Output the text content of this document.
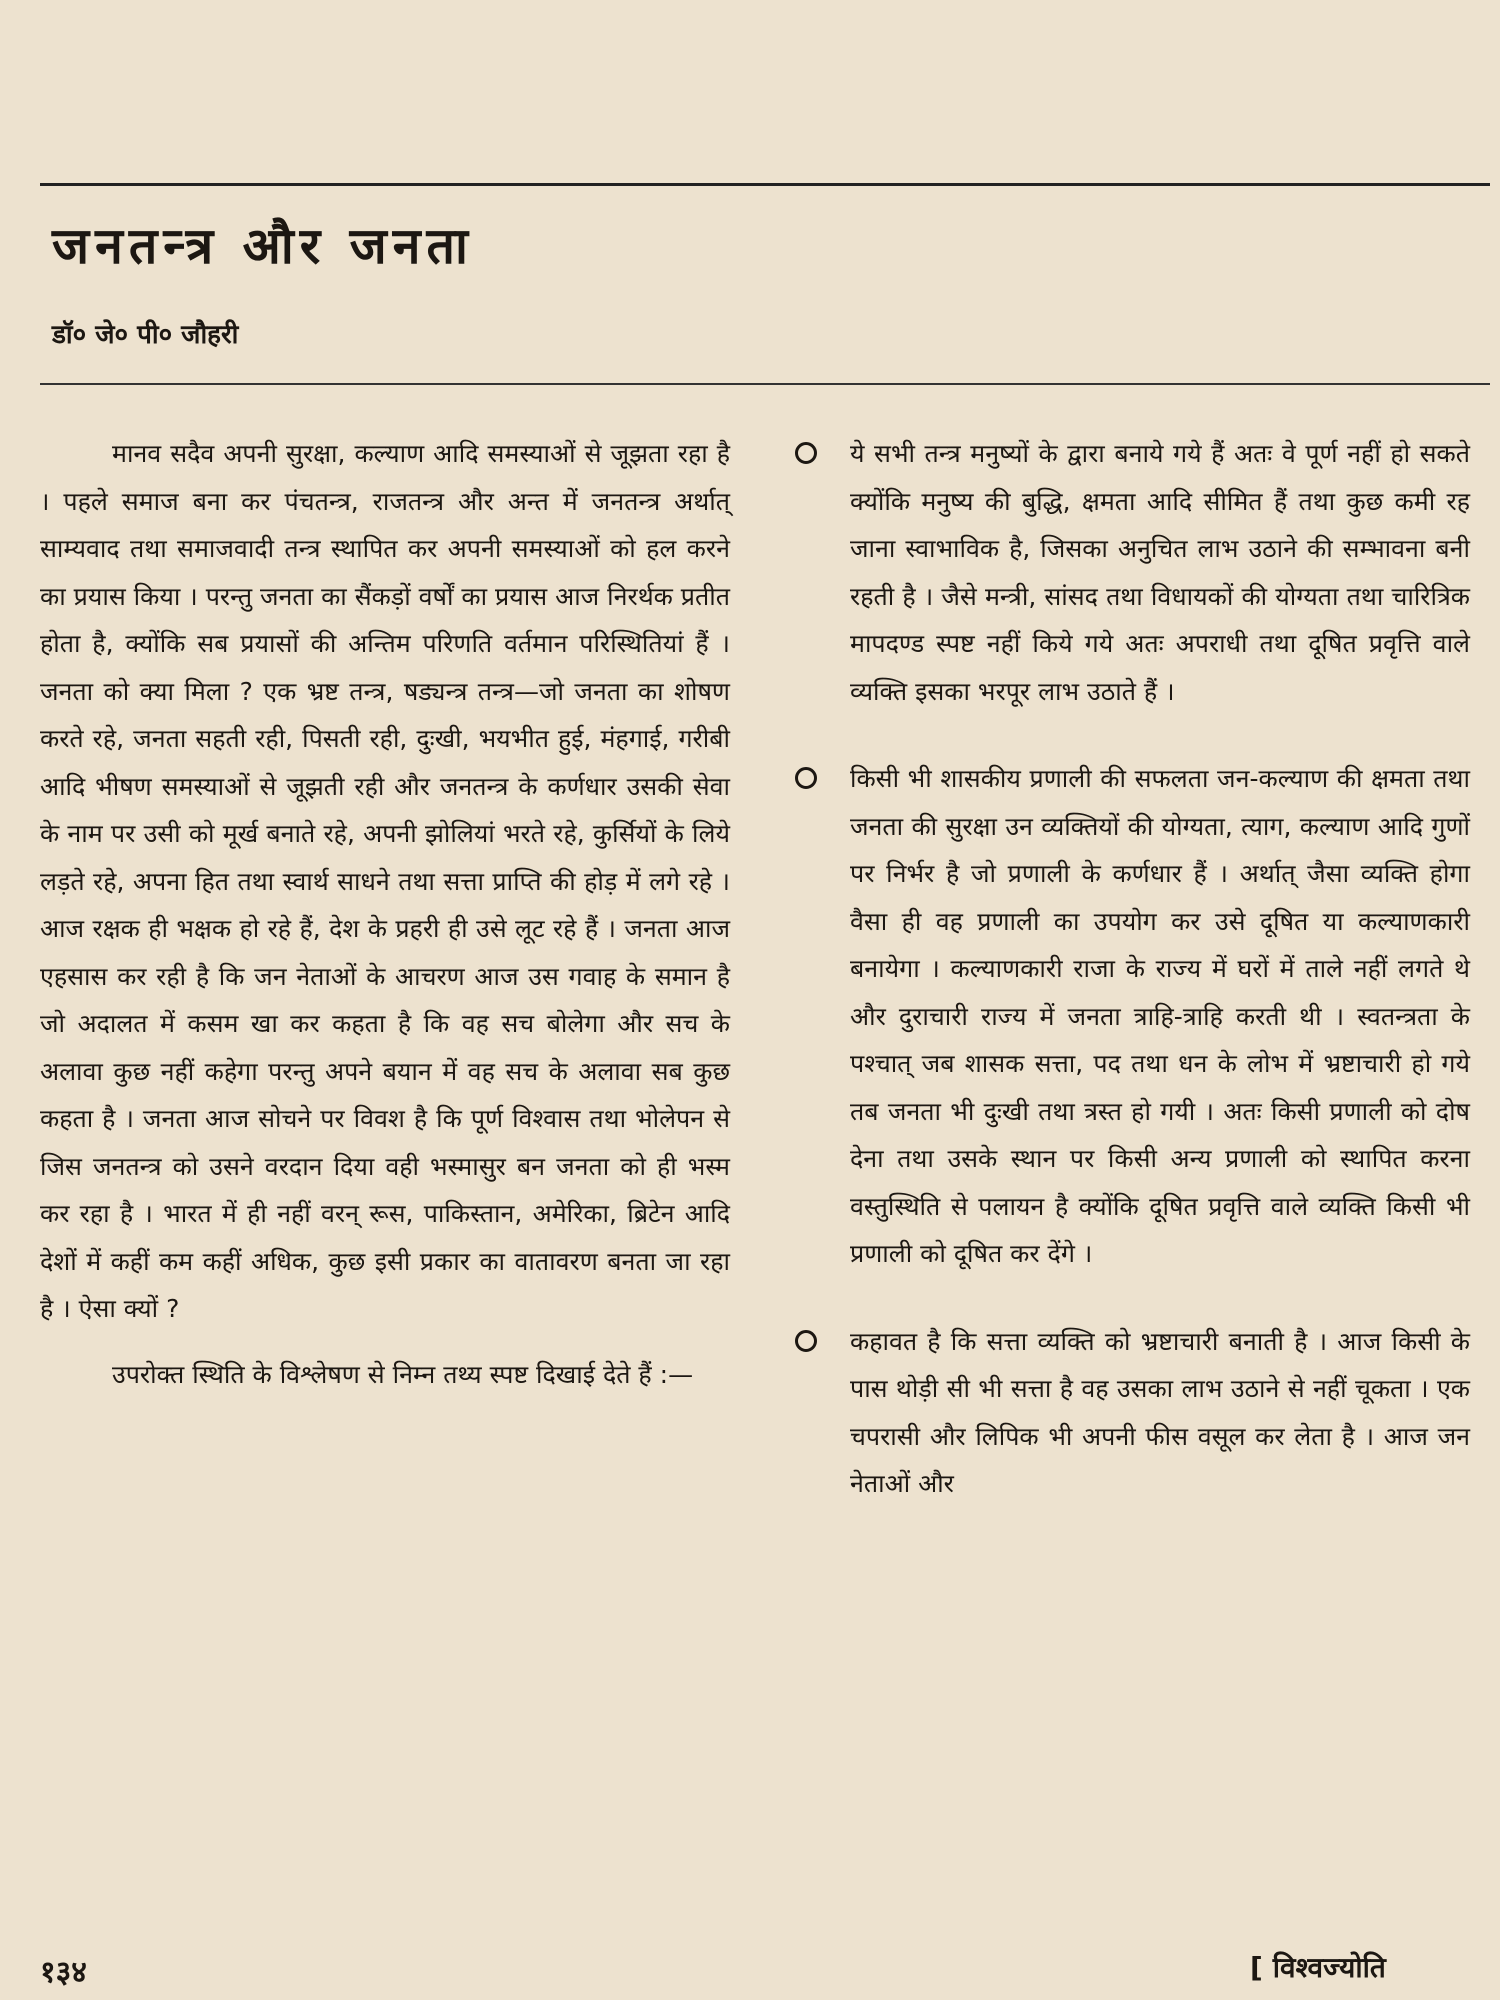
जनतन्त्र और जनता

डॉ० जे० पी० जौहरी

मानव सदैव अपनी सुरक्षा, कल्याण आदि समस्याओं से जूझता रहा है । पहले समाज बना कर पंचतन्त्र, राजतन्त्र और अन्त में जनतन्त्र अर्थात् साम्यवाद तथा समाजवादी तन्त्र स्थापित कर अपनी समस्याओं को हल करने का प्रयास किया । परन्तु जनता का सैंकड़ों वर्षों का प्रयास आज निरर्थक प्रतीत होता है, क्योंकि सब प्रयासों की अन्तिम परिणति वर्तमान परिस्थितियां हैं । जनता को क्या मिला ? एक भ्रष्ट तन्त्र, षड्यन्त्र तन्त्र—जो जनता का शोषण करते रहे, जनता सहती रही, पिसती रही, दुःखी, भयभीत हुई, मंहगाई, गरीबी आदि भीषण समस्याओं से जूझती रही और जनतन्त्र के कर्णधार उसकी सेवा के नाम पर उसी को मूर्ख बनाते रहे, अपनी झोलियां भरते रहे, कुर्सियों के लिये लड़ते रहे, अपना हित तथा स्वार्थ साधने तथा सत्ता प्राप्ति की होड़ में लगे रहे । आज रक्षक ही भक्षक हो रहे हैं, देश के प्रहरी ही उसे लूट रहे हैं । जनता आज एहसास कर रही है कि जन नेताओं के आचरण आज उस गवाह के समान है जो अदालत में कसम खा कर कहता है कि वह सच बोलेगा और सच के अलावा कुछ नहीं कहेगा परन्तु अपने बयान में वह सच के अलावा सब कुछ कहता है । जनता आज सोचने पर विवश है कि पूर्ण विश्वास तथा भोलेपन से जिस जनतन्त्र को उसने वरदान दिया वही भस्मासुर बन जनता को ही भस्म कर रहा है । भारत में ही नहीं वरन् रूस, पाकिस्तान, अमेरिका, ब्रिटेन आदि देशों में कहीं कम कहीं अधिक, कुछ इसी प्रकार का वातावरण बनता जा रहा है । ऐसा क्यों ?

उपरोक्त स्थिति के विश्लेषण से निम्न तथ्य स्पष्ट दिखाई देते हैं :—

ये सभी तन्त्र मनुष्यों के द्वारा बनाये गये हैं अतः वे पूर्ण नहीं हो सकते क्योंकि मनुष्य की बुद्धि, क्षमता आदि सीमित हैं तथा कुछ कमी रह जाना स्वाभाविक है, जिसका अनुचित लाभ उठाने की सम्भावना बनी रहती है । जैसे मन्त्री, सांसद तथा विधायकों की योग्यता तथा चारित्रिक मापदण्ड स्पष्ट नहीं किये गये अतः अपराधी तथा दूषित प्रवृत्ति वाले व्यक्ति इसका भरपूर लाभ उठाते हैं ।
किसी भी शासकीय प्रणाली की सफलता जन-कल्याण की क्षमता तथा जनता की सुरक्षा उन व्यक्तियों की योग्यता, त्याग, कल्याण आदि गुणों पर निर्भर है जो प्रणाली के कर्णधार हैं । अर्थात् जैसा व्यक्ति होगा वैसा ही वह प्रणाली का उपयोग कर उसे दूषित या कल्याणकारी बनायेगा । कल्याणकारी राजा के राज्य में घरों में ताले नहीं लगते थे और दुराचारी राज्य में जनता त्राहि-त्राहि करती थी । स्वतन्त्रता के पश्चात् जब शासक सत्ता, पद तथा धन के लोभ में भ्रष्टाचारी हो गये तब जनता भी दुःखी तथा त्रस्त हो गयी । अतः किसी प्रणाली को दोष देना तथा उसके स्थान पर किसी अन्य प्रणाली को स्थापित करना वस्तुस्थिति से पलायन है क्योंकि दूषित प्रवृत्ति वाले व्यक्ति किसी भी प्रणाली को दूषित कर देंगे ।
कहावत है कि सत्ता व्यक्ति को भ्रष्टाचारी बनाती है । आज किसी के पास थोड़ी सी भी सत्ता है वह उसका लाभ उठाने से नहीं चूकता । एक चपरासी और लिपिक भी अपनी फीस वसूल कर लेता है । आज जन नेताओं और
१३४	[ विश्वज्योति
